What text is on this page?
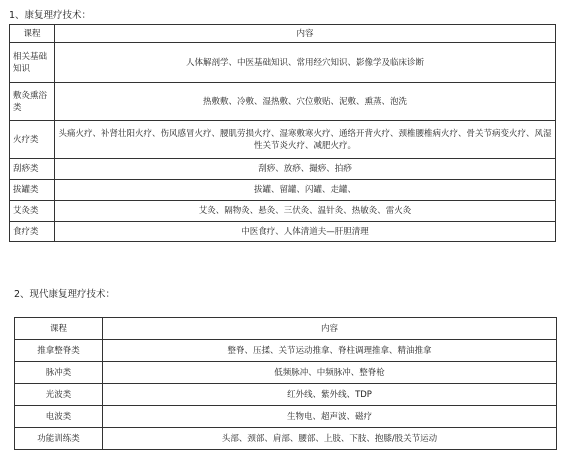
1、康复理疗技术：
课程	内容
相关基础知识	人体解剖学、中医基础知识、常用经穴知识、影像学及临床诊断
敷灸熏浴类	热敷敷、冷敷、湿热敷、穴位敷贴、泥敷、熏蒸、泡洗
火疗类	头痛火疗、补肾壮阳火疗、伤风感冒火疗、腰肌劳损火疗、湿寒敷寒火疗、通络开背火疗、颈椎腰椎病火疗、骨关节病变火疗、风湿性关节炎火疗、减肥火疗。
刮痧类	刮痧、放痧、撮痧、拍痧
拔罐类	拔罐、留罐、闪罐、走罐、
艾灸类	艾灸、隔物灸、悬灸、三伏灸、温针灸、热敏灸、雷火灸
食疗类	中医食疗、人体清道夫—肝胆清理
2、现代康复理疗技术：
课程	内容
推拿整脊类	整脊、压揉、关节运动推拿、脊柱调理推拿、精油推拿
脉冲类	低频脉冲、中频脉冲、整脊枪
光波类	红外线、紫外线、TDP
电波类	生物电、超声波、磁疗
功能训练类	头部、颈部、肩部、腰部、上肢、下肢、抱膝/股关节运动
